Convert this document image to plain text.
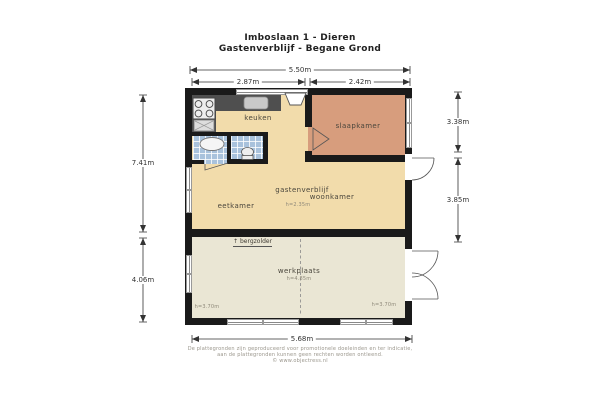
Imboslaan 1 - Dieren
Gastenverblijf - Begane Grond
5.50m
2.87m	2.42m
7.41m
4.06m
3.38m
3.85m
5.68m
keuken
slaapkamer
eetkamer
gastenverblijf
woonkamer
h=2.35m
werkplaats
h=4.85m
h=3.70m	h=3.70m
↑ bergzolder
De plattegronden zijn geproduceerd voor promotionele doeleinden en ter indicatie,
aan de plattegronden kunnen geen rechten worden ontleend.
© www.objectress.nl
